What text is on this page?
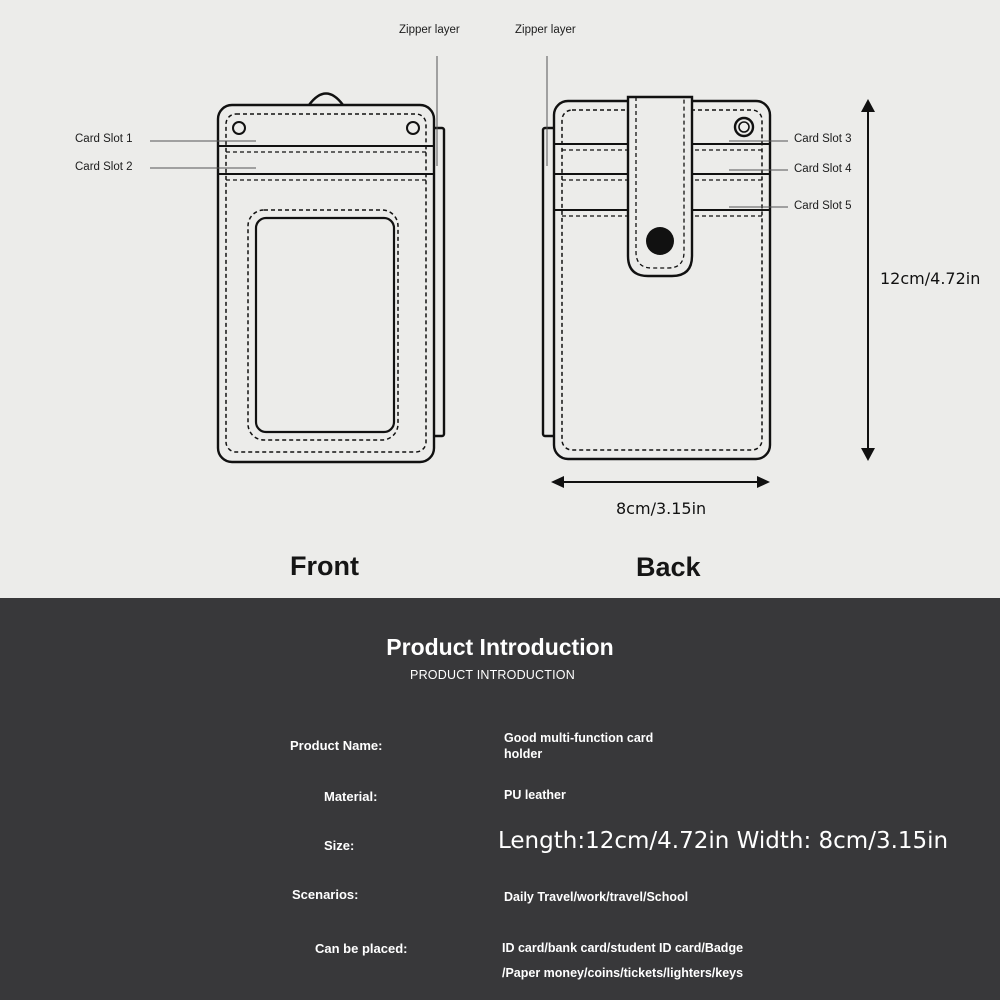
Zipper layer	Zipper layer
Card Slot 1
Card Slot 2
Card Slot 3
Card Slot 4
Card Slot 5
12cm/4.72in
8cm/3.15in
Front	Back
Product Introduction
PRODUCT INTRODUCTION
Product Name:	Good multi-function card
holder
Material:	PU leather
Size:	Length:12cm/4.72in Width: 8cm/3.15in
Scenarios:	Daily Travel/work/travel/School
Can be placed:	ID card/bank card/student ID card/Badge
/Paper money/coins/tickets/lighters/keys
